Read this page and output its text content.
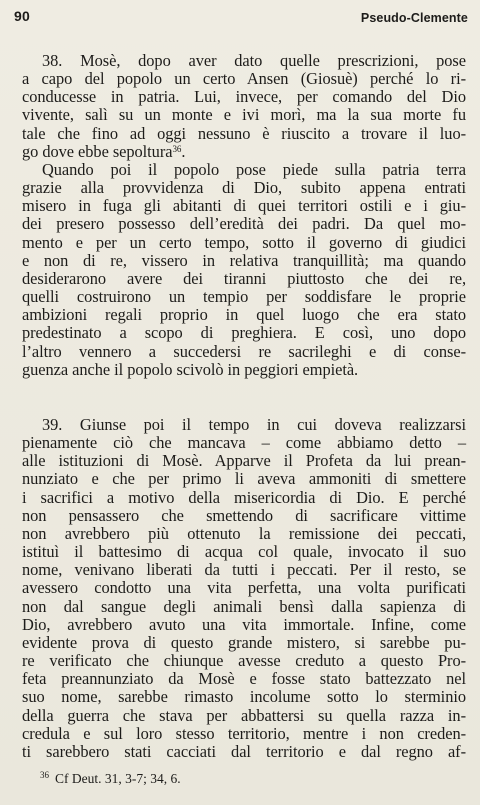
90	Pseudo-Clemente
38. Mosè, dopo aver dato quelle prescrizioni, pose
a capo del popolo un certo Ansen (Giosuè) perché lo ri-
conducesse in patria. Lui, invece, per comando del Dio
vivente, salì su un monte e ivi morì, ma la sua morte fu
tale che fino ad oggi nessuno è riuscito a trovare il luo-
go dove ebbe sepoltura$^{36}$.
Quando poi il popolo pose piede sulla patria terra
grazie alla provvidenza di Dio, subito appena entrati
misero in fuga gli abitanti di quei territori ostili e i giu-
dei presero possesso dell’eredità dei padri. Da quel mo-
mento e per un certo tempo, sotto il governo di giudici
e non di re, vissero in relativa tranquillità; ma quando
desiderarono avere dei tiranni piuttosto che dei re,
quelli costruirono un tempio per soddisfare le proprie
ambizioni regali proprio in quel luogo che era stato
predestinato a scopo di preghiera. E così, uno dopo
l’altro vennero a succedersi re sacrileghi e di conse-
guenza anche il popolo scivolò in peggiori empietà.
39. Giunse poi il tempo in cui doveva realizzarsi
pienamente ciò che mancava – come abbiamo detto –
alle istituzioni di Mosè. Apparve il Profeta da lui prean-
nunziato e che per primo li aveva ammoniti di smettere
i sacrifici a motivo della misericordia di Dio. E perché
non pensassero che smettendo di sacrificare vittime
non avrebbero più ottenuto la remissione dei peccati,
istituì il battesimo di acqua col quale, invocato il suo
nome, venivano liberati da tutti i peccati. Per il resto, se
avessero condotto una vita perfetta, una volta purificati
non dal sangue degli animali bensì dalla sapienza di
Dio, avrebbero avuto una vita immortale. Infine, come
evidente prova di questo grande mistero, si sarebbe pu-
re verificato che chiunque avesse creduto a questo Pro-
feta preannunziato da Mosè e fosse stato battezzato nel
suo nome, sarebbe rimasto incolume sotto lo sterminio
della guerra che stava per abbattersi su quella razza in-
credula e sul loro stesso territorio, mentre i non creden-
ti sarebbero stati cacciati dal territorio e dal regno af-
$^{36}$ Cf Deut. 31, 3-7; 34, 6.
